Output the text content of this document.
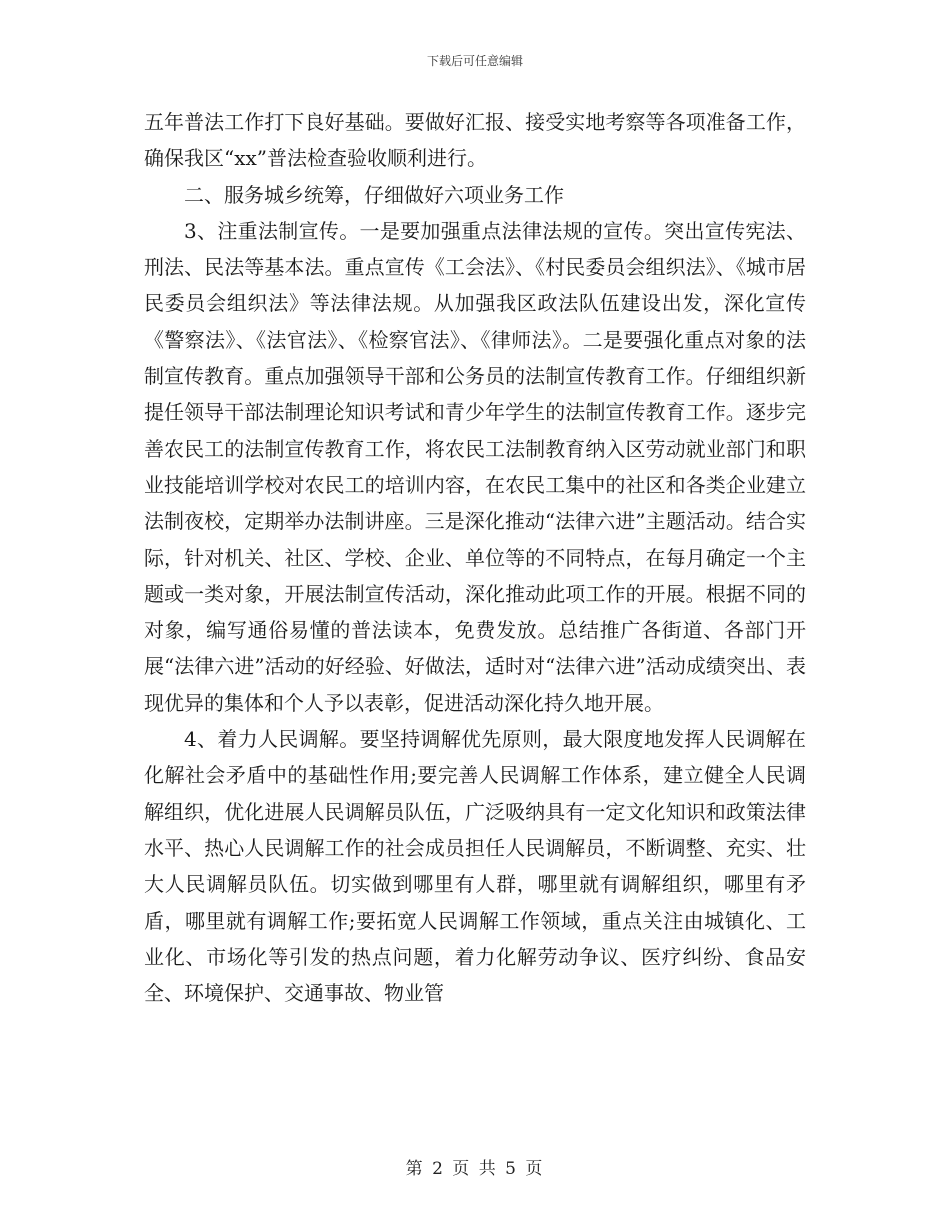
下载后可任意编辑

五年普法工作打下良好基础。要做好汇报、接受实地考察等各项准备工作，确保我区“xx”普法检查验收顺利进行。

二、服务城乡统筹，仔细做好六项业务工作

3、注重法制宣传。一是要加强重点法律法规的宣传。突出宣传宪法、刑法、民法等基本法。重点宣传《工会法》、《村民委员会组织法》、《城市居民委员会组织法》等法律法规。从加强我区政法队伍建设出发，深化宣传《警察法》、《法官法》、《检察官法》、《律师法》。二是要强化重点对象的法制宣传教育。重点加强领导干部和公务员的法制宣传教育工作。仔细组织新提任领导干部法制理论知识考试和青少年学生的法制宣传教育工作。逐步完善农民工的法制宣传教育工作，将农民工法制教育纳入区劳动就业部门和职业技能培训学校对农民工的培训内容，在农民工集中的社区和各类企业建立法制夜校，定期举办法制讲座。三是深化推动“法律六进”主题活动。结合实际，针对机关、社区、学校、企业、单位等的不同特点，在每月确定一个主题或一类对象，开展法制宣传活动，深化推动此项工作的开展。根据不同的对象，编写通俗易懂的普法读本，免费发放。总结推广各街道、各部门开展“法律六进”活动的好经验、好做法，适时对“法律六进”活动成绩突出、表现优异的集体和个人予以表彰，促进活动深化持久地开展。

4、着力人民调解。要坚持调解优先原则，最大限度地发挥人民调解在化解社会矛盾中的基础性作用;要完善人民调解工作体系，建立健全人民调解组织，优化进展人民调解员队伍，广泛吸纳具有一定文化知识和政策法律水平、热心人民调解工作的社会成员担任人民调解员，不断调整、充实、壮大人民调解员队伍。切实做到哪里有人群，哪里就有调解组织，哪里有矛盾，哪里就有调解工作;要拓宽人民调解工作领域，重点关注由城镇化、工业化、市场化等引发的热点问题，着力化解劳动争议、医疗纠纷、食品安全、环境保护、交通事故、物业管

第 2 页 共 5 页
